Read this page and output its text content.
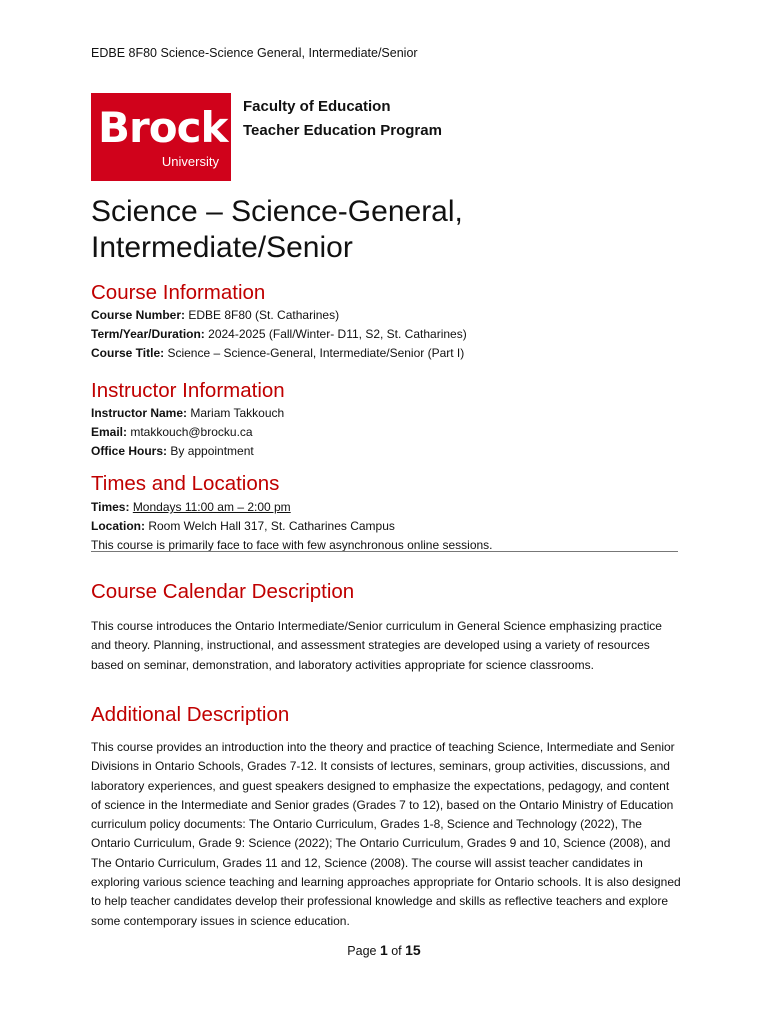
EDBE 8F80 Science-Science General, Intermediate/Senior
Brock
University
Faculty of Education
Teacher Education Program
Science – Science-General,
Intermediate/Senior
Course Information
Course Number: EDBE 8F80 (St. Catharines)
Term/Year/Duration: 2024-2025 (Fall/Winter- D11, S2, St. Catharines)
Course Title: Science – Science-General, Intermediate/Senior (Part I)
Instructor Information
Instructor Name: Mariam Takkouch
Email: mtakkouch@brocku.ca
Office Hours: By appointment
Times and Locations
Times: Mondays 11:00 am – 2:00 pm
Location: Room Welch Hall 317, St. Catharines Campus
This course is primarily face to face with few asynchronous online sessions.
Course Calendar Description

This course introduces the Ontario Intermediate/Senior curriculum in General Science emphasizing practice and theory. Planning, instructional, and assessment strategies are developed using a variety of resources based on seminar, demonstration, and laboratory activities appropriate for science classrooms.

Additional Description

This course provides an introduction into the theory and practice of teaching Science, Intermediate and Senior Divisions in Ontario Schools, Grades 7-12. It consists of lectures, seminars, group activities, discussions, and laboratory experiences, and guest speakers designed to emphasize the expectations, pedagogy, and content of science in the Intermediate and Senior grades (Grades 7 to 12), based on the Ontario Ministry of Education curriculum policy documents: The Ontario Curriculum, Grades 1-8, Science and Technology (2022), The Ontario Curriculum, Grade 9: Science (2022); The Ontario Curriculum, Grades 9 and 10, Science (2008), and The Ontario Curriculum, Grades 11 and 12, Science (2008). The course will assist teacher candidates in exploring various science teaching and learning approaches appropriate for Ontario schools. It is also designed to help teacher candidates develop their professional knowledge and skills as reflective teachers and explore some contemporary issues in science education.

Page 1 of 15
